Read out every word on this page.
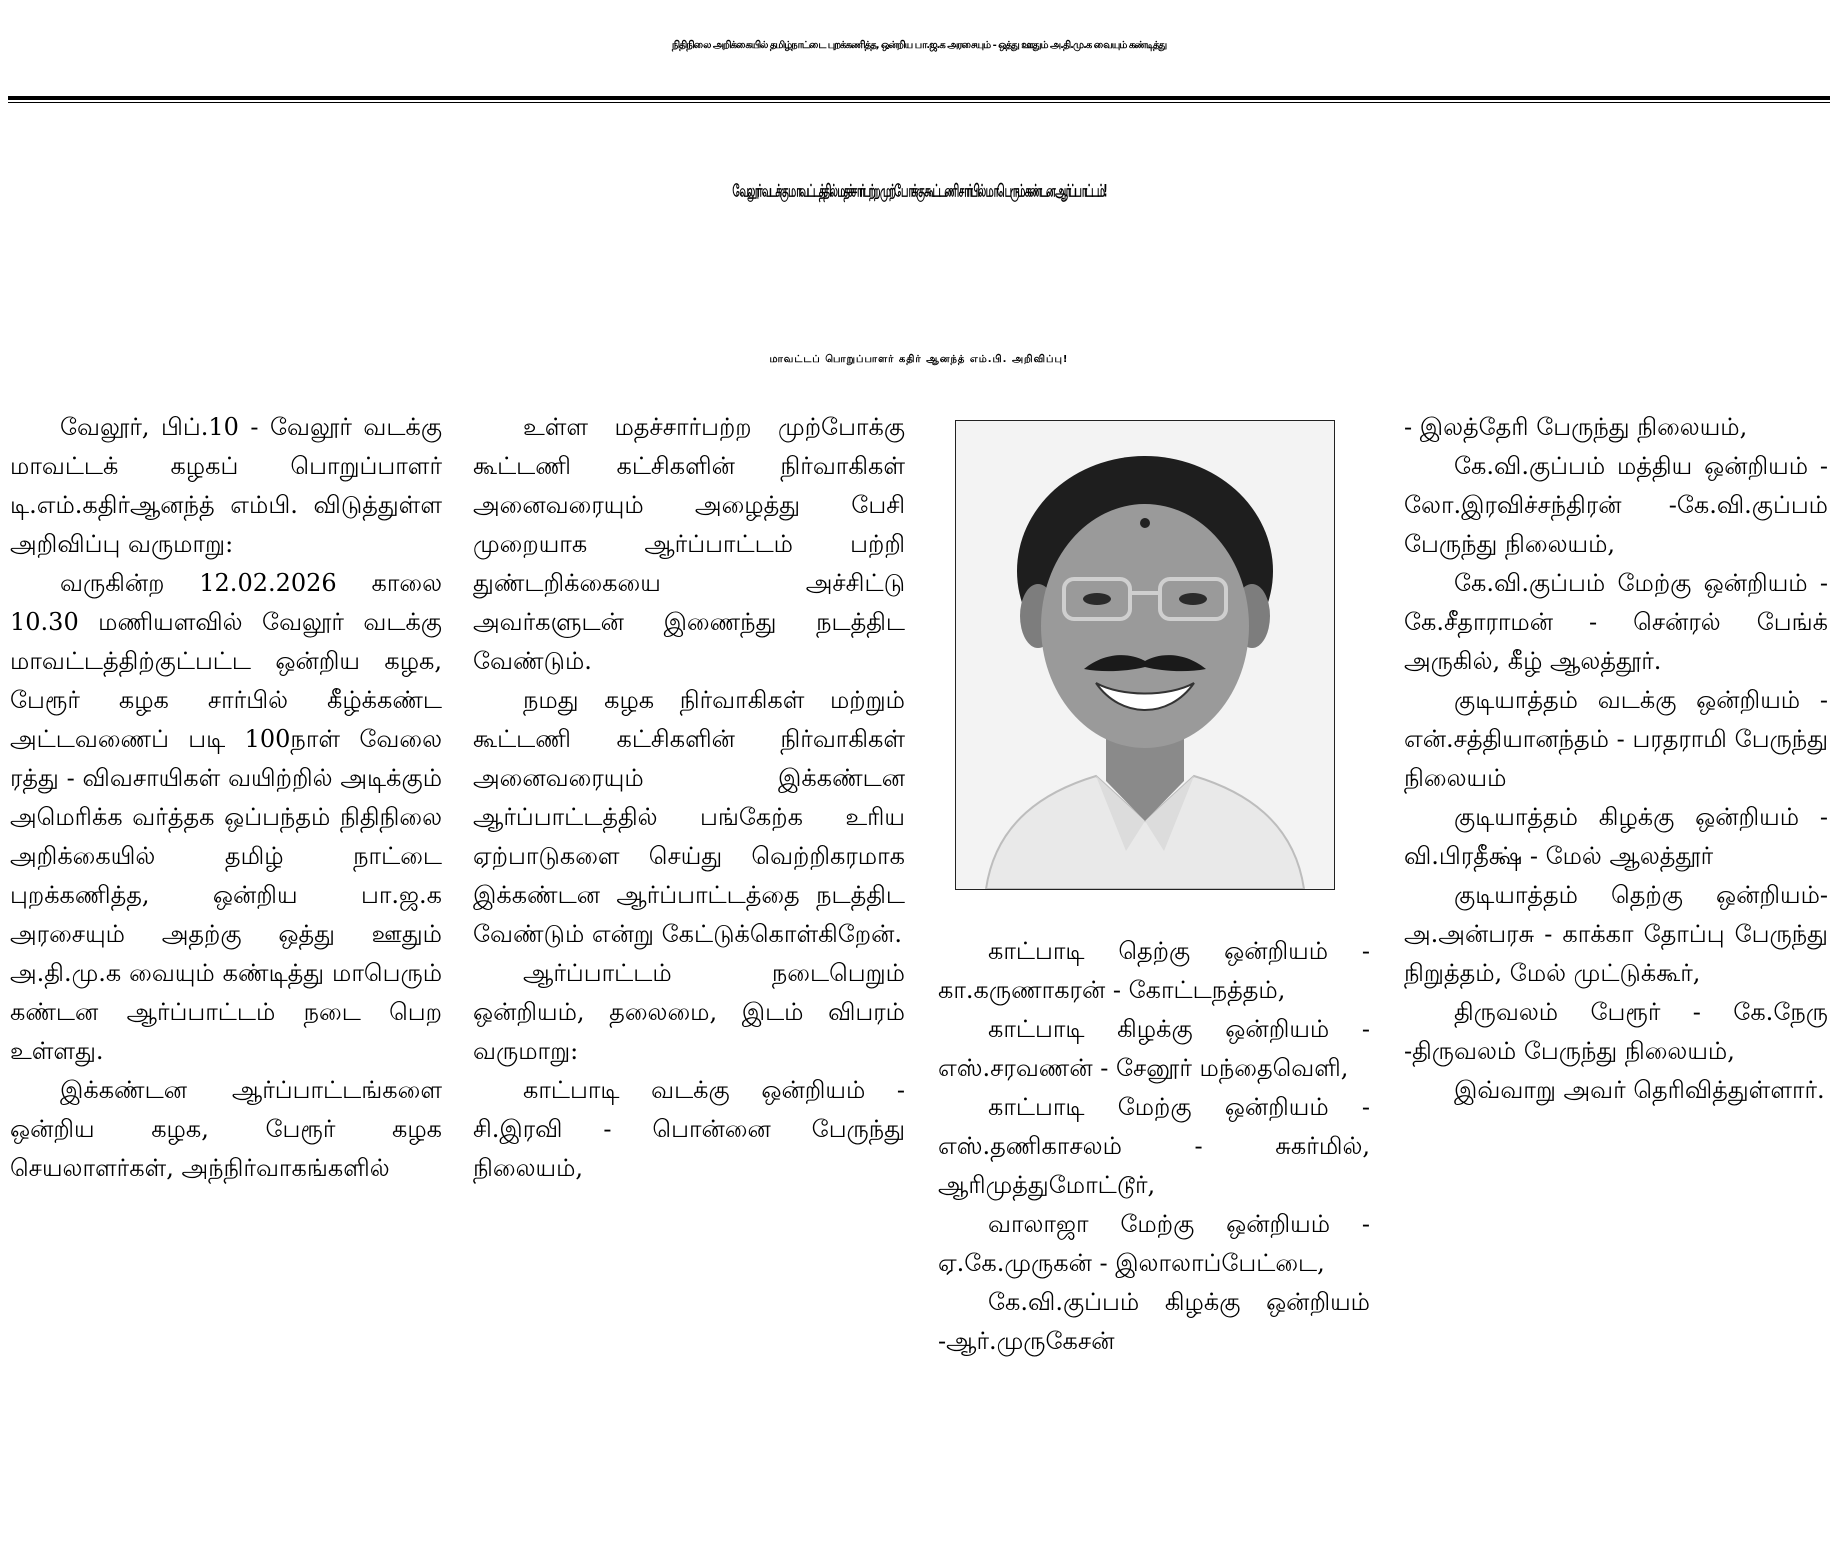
நிதிநிலை அறிக்கையில் தமிழ்நாட்டை புறக்கணித்த, ஒன்றிய பா.ஜ.க அரசையும் - ஒத்து ஊதும் அ.தி.மு.க வையும் கண்டித்து
வேலூர் வடக்கு மாவட்டத்தில் மதச்சார்பற்ற முற்போக்கு கூட்டணி சார்பில் மாபெரும் கண்டன ஆர்ப்பாட்டம்!
மாவட்டப் பொறுப்பாளர் கதிர் ஆனந்த் எம்.பி. அறிவிப்பு!

வேலூர், பிப்.10 - வேலூர் வடக்கு மாவட்டக் கழகப் பொறுப்பாளர் டி.எம்.கதிர்ஆனந்த் எம்பி. விடுத்துள்ள அறிவிப்பு வருமாறு:

வருகின்ற 12.02.2026 காலை 10.30 மணியளவில் வேலூர் வடக்கு மாவட்டத்திற்குட்பட்ட ஒன்றிய கழக, பேரூர் கழக சார்பில் கீழ்க்கண்ட அட்டவணைப் படி 100நாள் வேலை ரத்து - விவசாயிகள் வயிற்றில் அடிக்கும் அமெரிக்க வர்த்தக ஒப்பந்தம் நிதிநிலை அறிக்கையில் தமிழ் நாட்டை புறக்கணித்த, ஒன்றிய பா.ஜ.க அரசையும் அதற்கு ஒத்து ஊதும் அ.தி.மு.க வையும் கண்டித்து மாபெரும் கண்டன ஆர்ப்பாட்டம் நடை பெற உள்ளது.

இக்கண்டன ஆர்ப்பாட்டங்களை ஒன்றிய கழக, பேரூர் கழக செயலாளர்கள், அந்நிர்வாகங்களில்

உள்ள மதச்சார்பற்ற முற்போக்கு கூட்டணி கட்சிகளின் நிர்வாகிகள் அனைவரையும் அழைத்து பேசி முறையாக ஆர்ப்பாட்டம் பற்றி துண்டறிக்கையை அச்சிட்டு அவர்களுடன் இணைந்து நடத்திட வேண்டும்.

நமது கழக நிர்வாகிகள் மற்றும் கூட்டணி கட்சிகளின் நிர்வாகிகள் அனைவரையும் இக்கண்டன ஆர்ப்பாட்டத்தில் பங்கேற்க உரிய ஏற்பாடுகளை செய்து வெற்றிகரமாக இக்கண்டன ஆர்ப்பாட்டத்தை நடத்திட வேண்டும் என்று கேட்டுக்கொள்கிறேன்.

ஆர்ப்பாட்டம் நடைபெறும் ஒன்றியம், தலைமை, இடம் விபரம் வருமாறு:

காட்பாடி வடக்கு ஒன்றியம் - சி.இரவி - பொன்னை பேருந்து நிலையம்,

காட்பாடி தெற்கு ஒன்றியம் - கா.கருணாகரன் - கோட்டநத்தம்,

காட்பாடி கிழக்கு ஒன்றியம் - எஸ்.சரவணன் - சேனூர் மந்தைவெளி,

காட்பாடி மேற்கு ஒன்றியம் - எஸ்.தணிகாசலம் - சுகர்மில், ஆரிமுத்துமோட்டூர்,

வாலாஜா மேற்கு ஒன்றியம் - ஏ.கே.முருகன் - இலாலாப்பேட்டை,

கே.வி.குப்பம் கிழக்கு ஒன்றியம் -ஆர்.முருகேசன்

- இலத்தேரி பேருந்து நிலையம்,

கே.வி.குப்பம் மத்திய ஒன்றியம் - லோ.இரவிச்சந்திரன் -கே.வி.குப்பம் பேருந்து நிலையம்,

கே.வி.குப்பம் மேற்கு ஒன்றியம் - கே.சீதாராமன் - சென்ரல் பேங்க் அருகில், கீழ் ஆலத்தூர்.

குடியாத்தம் வடக்கு ஒன்றியம் - என்.சத்தியானந்தம் - பரதராமி பேருந்து நிலையம்

குடியாத்தம் கிழக்கு ஒன்றியம் - வி.பிரதீக்ஷ் - மேல் ஆலத்தூர்

குடியாத்தம் தெற்கு ஒன்றியம்- அ.அன்பரசு - காக்கா தோப்பு பேருந்து நிறுத்தம், மேல் முட்டுக்கூர்,

திருவலம் பேரூர் - கே.நேரு -திருவலம் பேருந்து நிலையம்,

இவ்வாறு அவர் தெரிவித்துள்ளார்.
